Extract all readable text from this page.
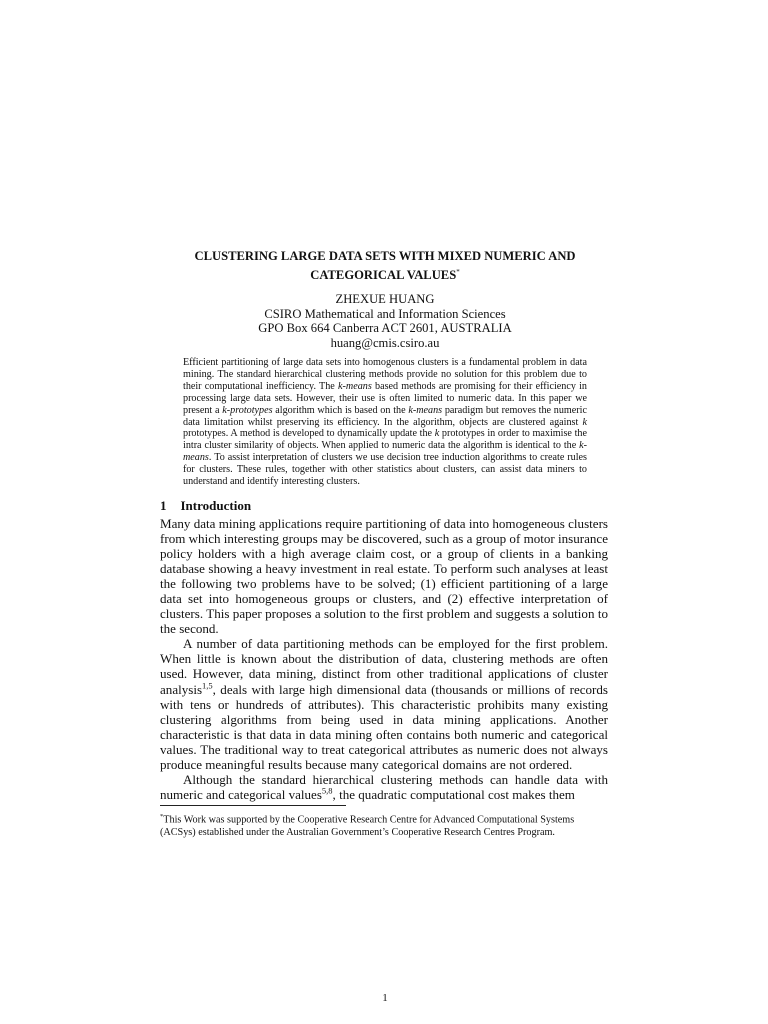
CLUSTERING LARGE DATA SETS WITH MIXED NUMERIC AND
CATEGORICAL VALUES*
ZHEXUE HUANG
CSIRO Mathematical and Information Sciences
GPO Box 664 Canberra ACT 2601, AUSTRALIA
huang@cmis.csiro.au
Efficient partitioning of large data sets into homogenous clusters is a fundamental problem in data mining. The standard hierarchical clustering methods provide no solution for this problem due to their computational inefficiency. The k-means based methods are promising for their efficiency in processing large data sets. However, their use is often limited to numeric data. In this paper we present a k-prototypes algorithm which is based on the k-means paradigm but removes the numeric data limitation whilst preserving its efficiency. In the algorithm, objects are clustered against k prototypes. A method is developed to dynamically update the k prototypes in order to maximise the intra cluster similarity of objects. When applied to numeric data the algorithm is identical to the k-means. To assist interpretation of clusters we use decision tree induction algorithms to create rules for clusters. These rules, together with other statistics about clusters, can assist data miners to understand and identify interesting clusters.
1 Introduction

Many data mining applications require partitioning of data into homogeneous clusters from which interesting groups may be discovered, such as a group of motor insurance policy holders with a high average claim cost, or a group of clients in a banking database showing a heavy investment in real estate. To perform such analyses at least the following two problems have to be solved; (1) efficient partitioning of a large data set into homogeneous groups or clusters, and (2) effective interpretation of clusters. This paper proposes a solution to the first problem and suggests a solution to the second.

A number of data partitioning methods can be employed for the first problem. When little is known about the distribution of data, clustering methods are often used. However, data mining, distinct from other traditional applications of cluster analysis$^{1,5}$, deals with large high dimensional data (thousands or millions of records with tens or hundreds of attributes). This characteristic prohibits many existing clustering algorithms from being used in data mining applications. Another characteristic is that data in data mining often contains both numeric and categorical values. The traditional way to treat categorical attributes as numeric does not always produce meaningful results because many categorical domains are not ordered.

Although the standard hierarchical clustering methods can handle data with numeric and categorical values$^{5,8}$, the quadratic computational cost makes them

*This Work was supported by the Cooperative Research Centre for Advanced Computational Systems (ACSys) established under the Australian Government’s Cooperative Research Centres Program.
1
